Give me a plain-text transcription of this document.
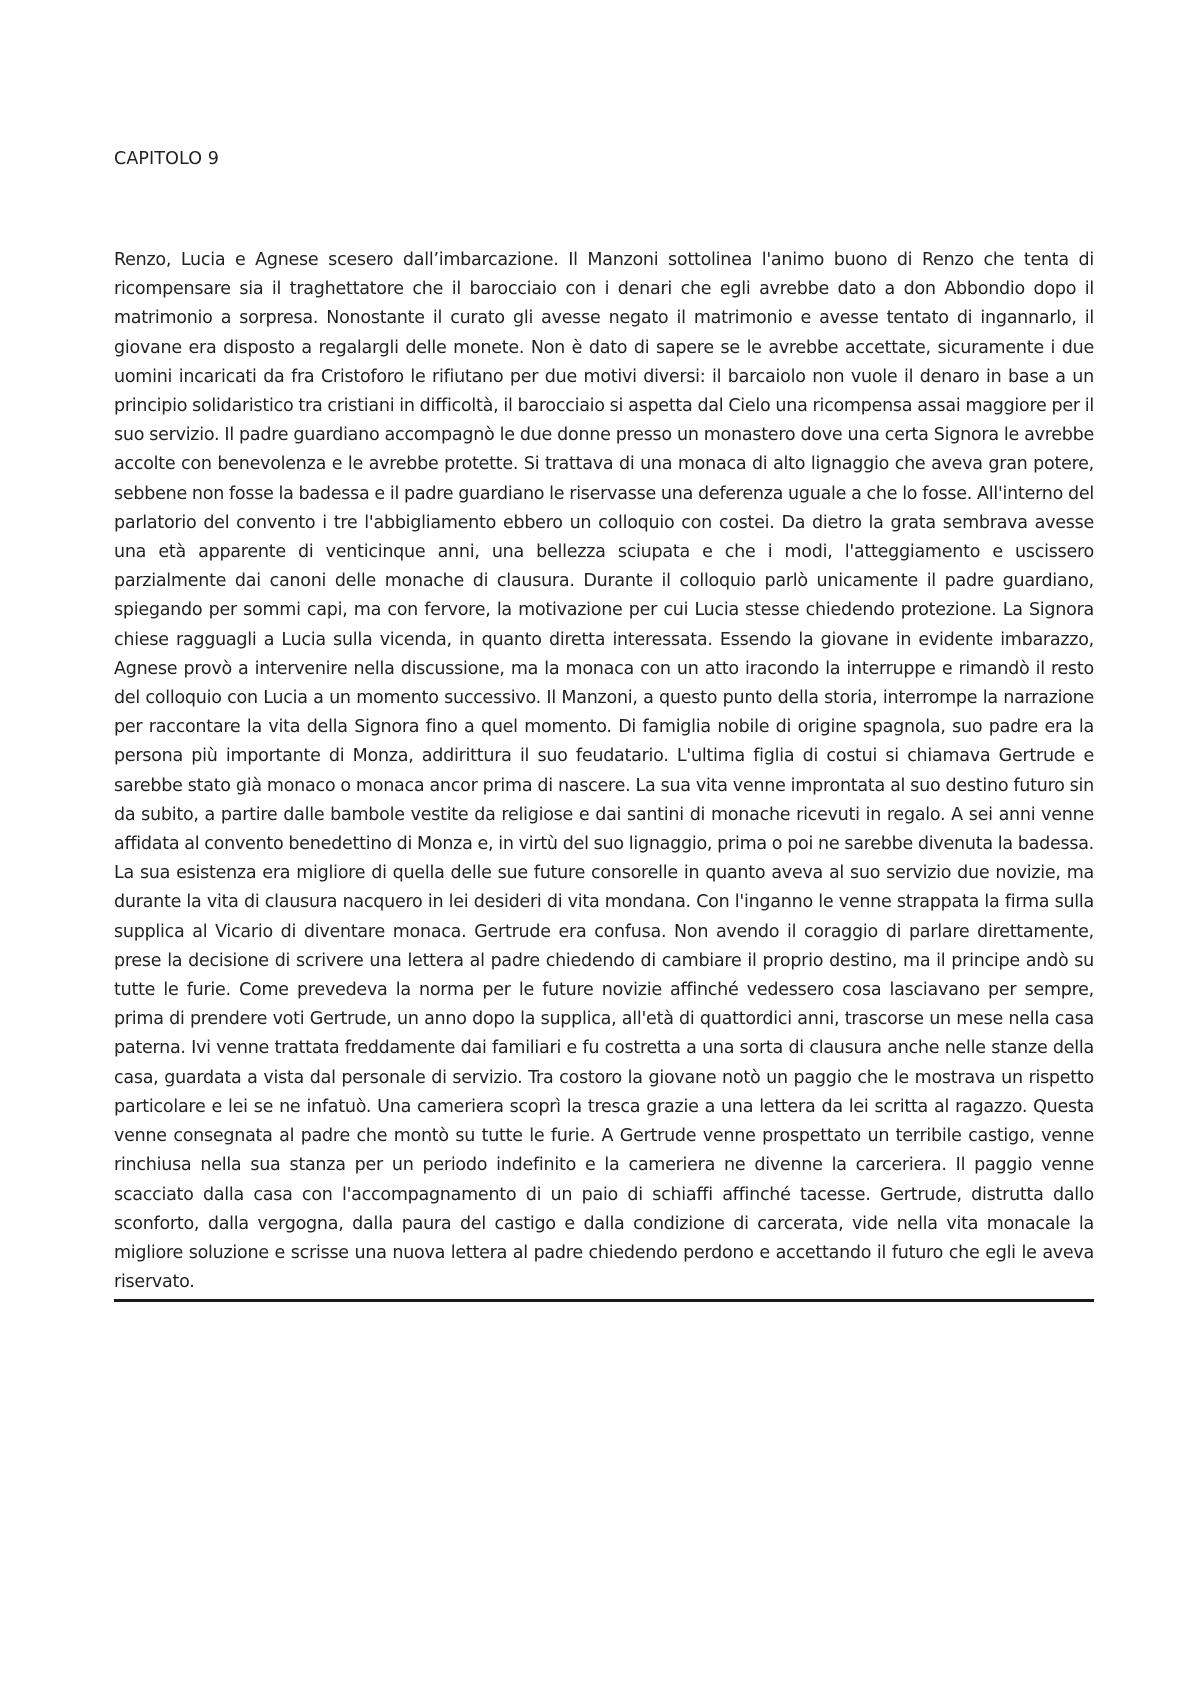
CAPITOLO 9

Renzo, Lucia e Agnese scesero dall’imbarcazione. Il Manzoni sottolinea l'animo buono di Renzo che tenta di ricompensare sia il traghettatore che il barocciaio con i denari che egli avrebbe dato a don Abbondio dopo il matrimonio a sorpresa. Nonostante il curato gli avesse negato il matrimonio e avesse tentato di ingannarlo, il giovane era disposto a regalargli delle monete. Non è dato di sapere se le avrebbe accettate, sicuramente i due uomini incaricati da fra Cristoforo le rifiutano per due motivi diversi: il barcaiolo non vuole il denaro in base a un principio solidaristico tra cristiani in difficoltà, il barocciaio si aspetta dal Cielo una ricompensa assai maggiore per il suo servizio. Il padre guardiano accompagnò le due donne presso un monastero dove una certa Signora le avrebbe accolte con benevolenza e le avrebbe protette. Si trattava di una monaca di alto lignaggio che aveva gran potere, sebbene non fosse la badessa e il padre guardiano le riservasse una deferenza uguale a che lo fosse. All'interno del parlatorio del convento i tre l'abbigliamento ebbero un colloquio con costei. Da dietro la grata sembrava avesse una età apparente di venticinque anni, una bellezza sciupata e che i modi, l'atteggiamento e uscissero parzialmente dai canoni delle monache di clausura. Durante il colloquio parlò unicamente il padre guardiano, spiegando per sommi capi, ma con fervore, la motivazione per cui Lucia stesse chiedendo protezione. La Signora chiese ragguagli a Lucia sulla vicenda, in quanto diretta interessata. Essendo la giovane in evidente imbarazzo, Agnese provò a intervenire nella discussione, ma la monaca con un atto iracondo la interruppe e rimandò il resto del colloquio con Lucia a un momento successivo. Il Manzoni, a questo punto della storia, interrompe la narrazione per raccontare la vita della Signora fino a quel momento. Di famiglia nobile di origine spagnola, suo padre era la persona più importante di Monza, addirittura il suo feudatario. L'ultima figlia di costui si chiamava Gertrude e sarebbe stato già monaco o monaca ancor prima di nascere. La sua vita venne improntata al suo destino futuro sin da subito, a partire dalle bambole vestite da religiose e dai santini di monache ricevuti in regalo. A sei anni venne affidata al convento benedettino di Monza e, in virtù del suo lignaggio, prima o poi ne sarebbe divenuta la badessa. La sua esistenza era migliore di quella delle sue future consorelle in quanto aveva al suo servizio due novizie, ma durante la vita di clausura nacquero in lei desideri di vita mondana. Con l'inganno le venne strappata la firma sulla supplica al Vicario di diventare monaca. Gertrude era confusa. Non avendo il coraggio di parlare direttamente, prese la decisione di scrivere una lettera al padre chiedendo di cambiare il proprio destino, ma il principe andò su tutte le furie. Come prevedeva la norma per le future novizie affinché vedessero cosa lasciavano per sempre, prima di prendere voti Gertrude, un anno dopo la supplica, all'età di quattordici anni, trascorse un mese nella casa paterna. Ivi venne trattata freddamente dai familiari e fu costretta a una sorta di clausura anche nelle stanze della casa, guardata a vista dal personale di servizio. Tra costoro la giovane notò un paggio che le mostrava un rispetto particolare e lei se ne infatuò. Una cameriera scoprì la tresca grazie a una lettera da lei scritta al ragazzo. Questa venne consegnata al padre che montò su tutte le furie. A Gertrude venne prospettato un terribile castigo, venne rinchiusa nella sua stanza per un periodo indefinito e la cameriera ne divenne la carceriera. Il paggio venne scacciato dalla casa con l'accompagnamento di un paio di schiaffi affinché tacesse. Gertrude, distrutta dallo sconforto, dalla vergogna, dalla paura del castigo e dalla condizione di carcerata, vide nella vita monacale la migliore soluzione e scrisse una nuova lettera al padre chiedendo perdono e accettando il futuro che egli le aveva riservato.
